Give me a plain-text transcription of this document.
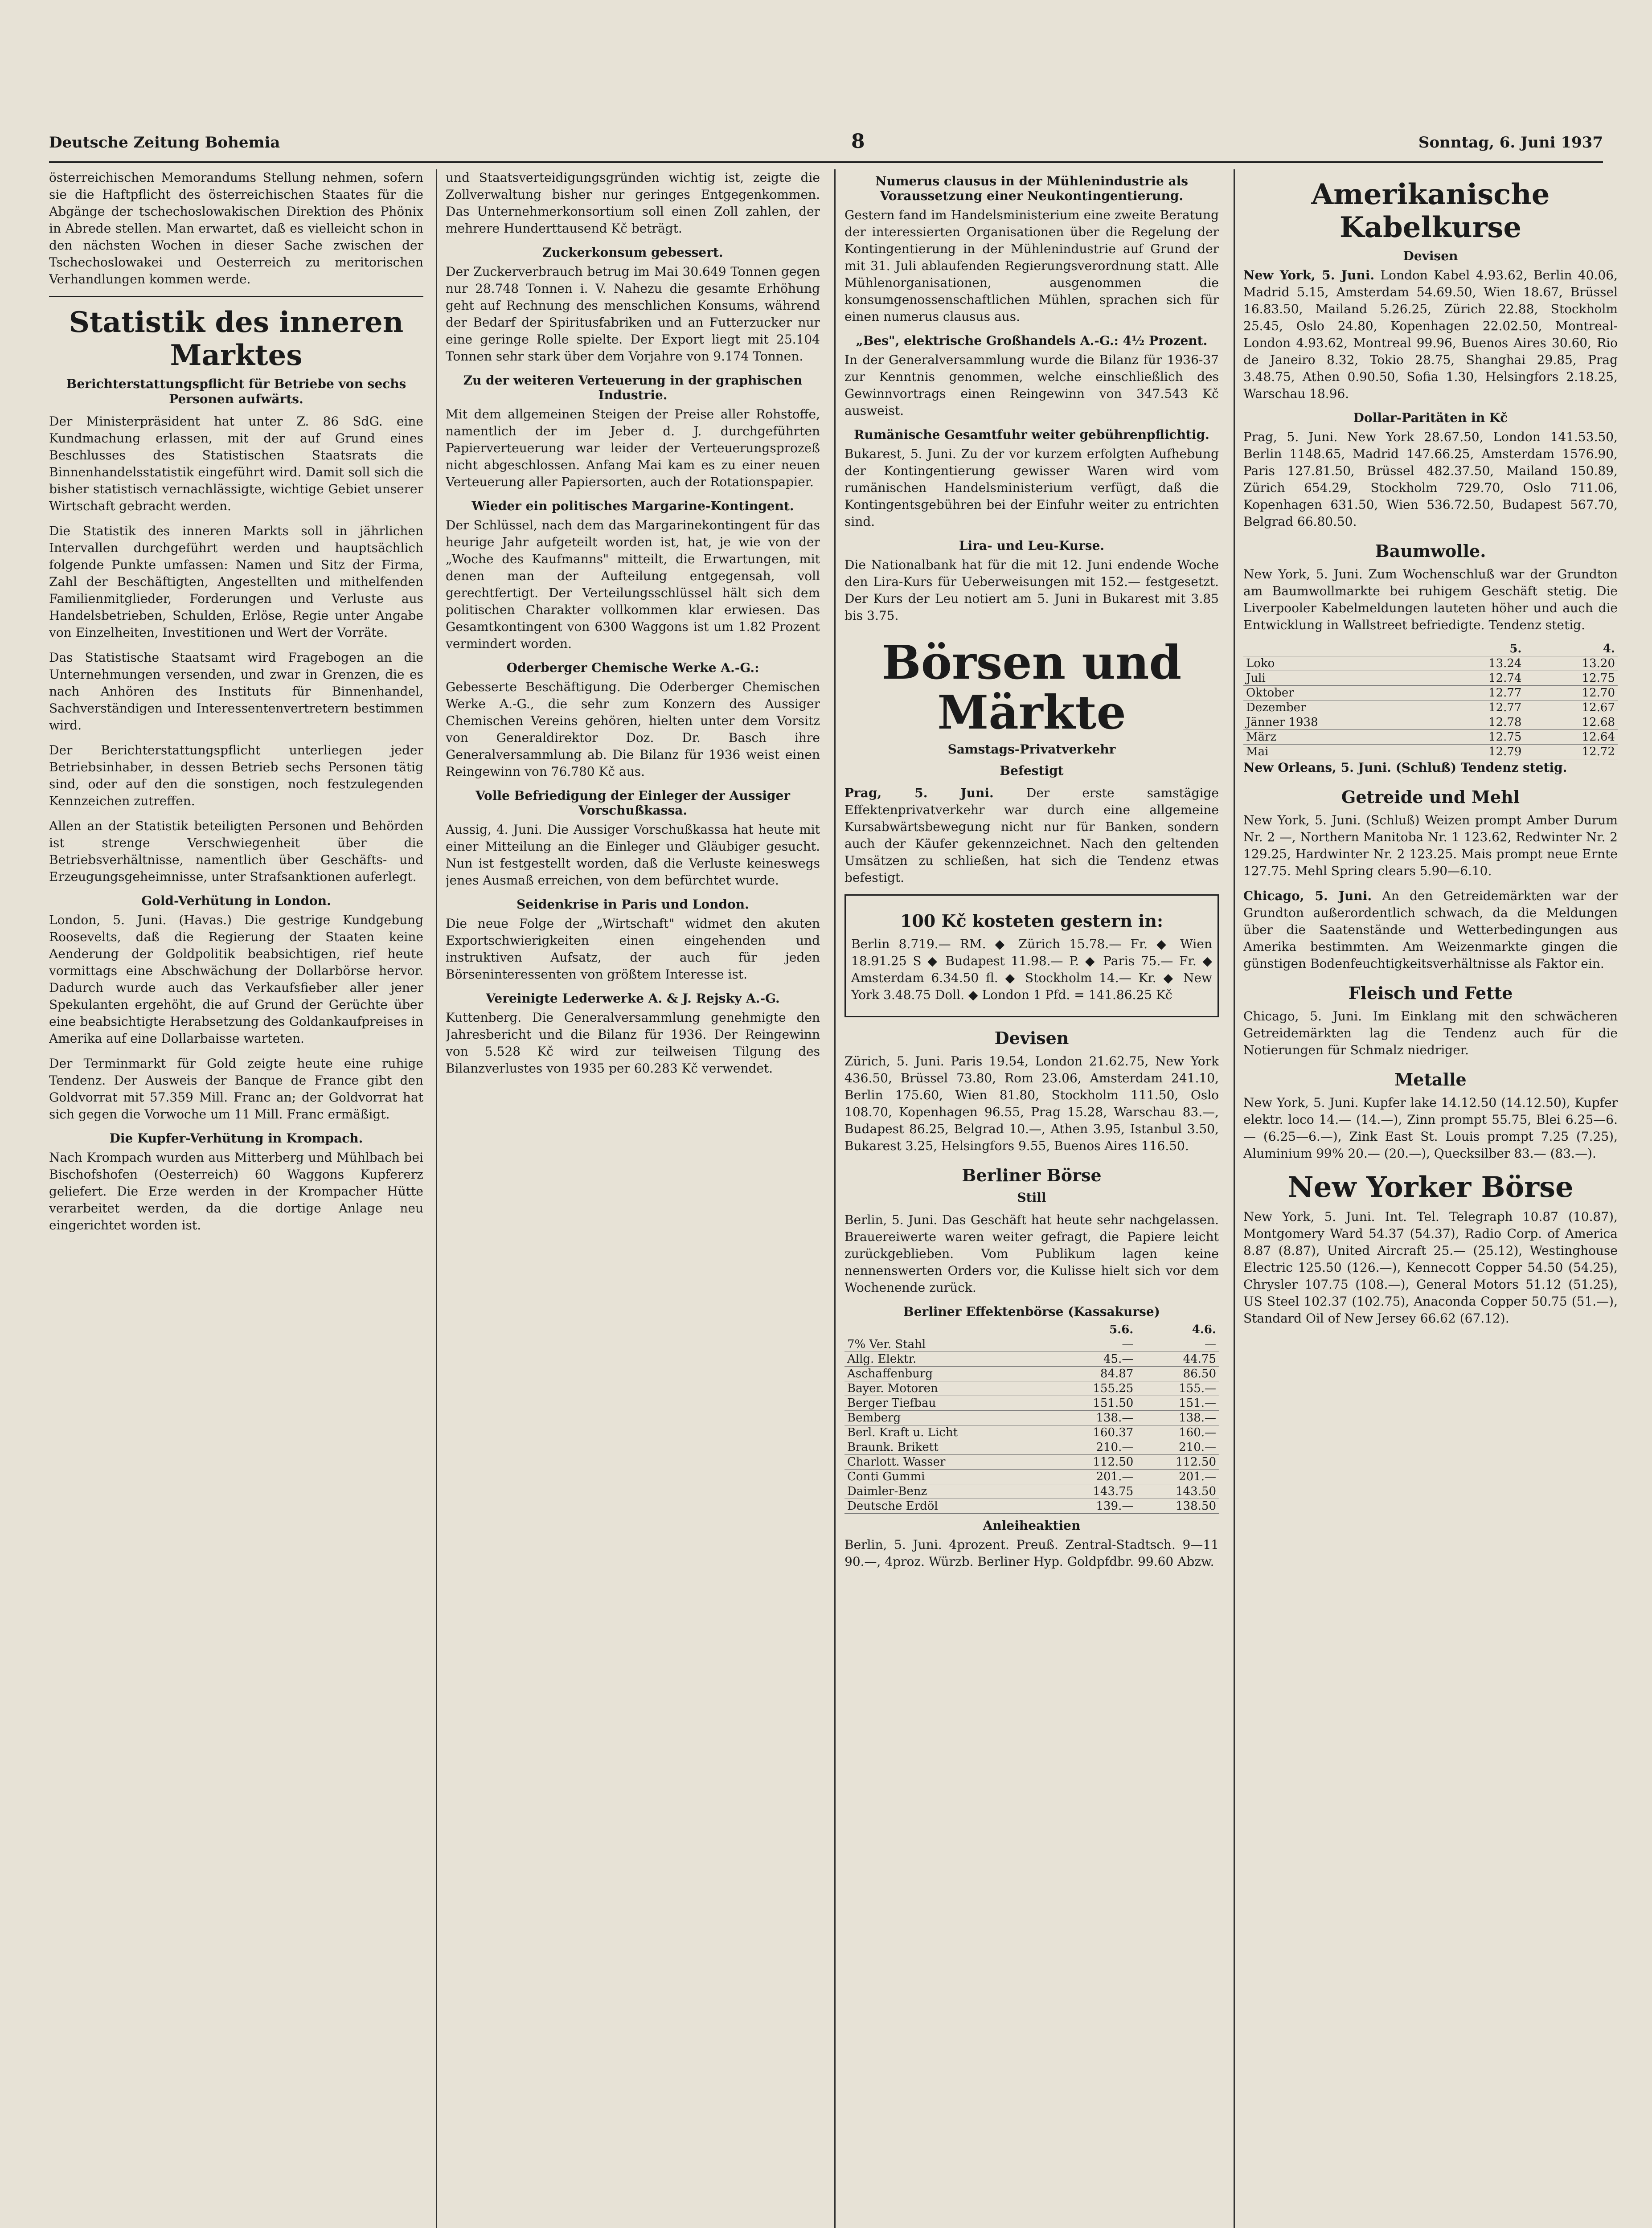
Deutsche Zeitung Bohemia	8	Sonntag, 6. Juni 1937

österreichischen Memorandums Stellung nehmen, sofern sie die Haftpflicht des österreichischen Staates für die Abgänge der tschechoslowakischen Direktion des Phönix in Abrede stellen. Man erwartet, daß es vielleicht schon in den nächsten Wochen in dieser Sache zwischen der Tschechoslowakei und Oesterreich zu meritorischen Verhandlungen kommen werde.

Statistik des inneren Marktes
Berichterstattungspflicht für Betriebe von sechs Personen aufwärts.

Der Ministerpräsident hat unter Z. 86 SdG. eine Kundmachung erlassen, mit der auf Grund eines Beschlusses des Statistischen Staatsrats die Binnenhandelsstatistik eingeführt wird. Damit soll sich die bisher statistisch vernachlässigte, wichtige Gebiet unserer Wirtschaft gebracht werden.

Die Statistik des inneren Markts soll in jährlichen Intervallen durchgeführt werden und hauptsächlich folgende Punkte umfassen: Namen und Sitz der Firma, Zahl der Beschäftigten, Angestellten und mithelfenden Familienmitglieder, Forderungen und Verluste aus Handelsbetrieben, Schulden, Erlöse, Regie unter Angabe von Einzelheiten, Investitionen und Wert der Vorräte.

Das Statistische Staatsamt wird Fragebogen an die Unternehmungen versenden, und zwar in Grenzen, die es nach Anhören des Instituts für Binnenhandel, Sachverständigen und Interessentenvertretern bestimmen wird.

Der Berichterstattungspflicht unterliegen jeder Betriebsinhaber, in dessen Betrieb sechs Personen tätig sind, oder auf den die sonstigen, noch festzulegenden Kennzeichen zutreffen.

Allen an der Statistik beteiligten Personen und Behörden ist strenge Verschwiegenheit über die Betriebsverhältnisse, namentlich über Geschäfts- und Erzeugungsgeheimnisse, unter Strafsanktionen auferlegt.

Gold-Verhütung in London.

London, 5. Juni. (Havas.) Die gestrige Kundgebung Roosevelts, daß die Regierung der Staaten keine Aenderung der Goldpolitik beabsichtigen, rief heute vormittags eine Abschwächung der Dollarbörse hervor. Dadurch wurde auch das Verkaufsfieber aller jener Spekulanten ergehöht, die auf Grund der Gerüchte über eine beabsichtigte Herabsetzung des Goldankaufpreises in Amerika auf eine Dollarbaisse warteten.

Der Terminmarkt für Gold zeigte heute eine ruhige Tendenz. Der Ausweis der Banque de France gibt den Goldvorrat mit 57.359 Mill. Franc an; der Goldvorrat hat sich gegen die Vorwoche um 11 Mill. Franc ermäßigt.

Die Kupfer-Verhütung in Krompach.

Nach Krompach wurden aus Mitterberg und Mühlbach bei Bischofshofen (Oesterreich) 60 Waggons Kupfererz geliefert. Die Erze werden in der Krompacher Hütte verarbeitet werden, da die dortige Anlage neu eingerichtet worden ist.

und Staatsverteidigungsgründen wichtig ist, zeigte die Zollverwaltung bisher nur geringes Entgegenkommen. Das Unternehmerkonsortium soll einen Zoll zahlen, der mehrere Hunderttausend Kč beträgt.

Zuckerkonsum gebessert.

Der Zuckerverbrauch betrug im Mai 30.649 Tonnen gegen nur 28.748 Tonnen i. V. Nahezu die gesamte Erhöhung geht auf Rechnung des menschlichen Konsums, während der Bedarf der Spiritusfabriken und an Futterzucker nur eine geringe Rolle spielte. Der Export liegt mit 25.104 Tonnen sehr stark über dem Vorjahre von 9.174 Tonnen.

Zu der weiteren Verteuerung in der graphischen Industrie.

Mit dem allgemeinen Steigen der Preise aller Rohstoffe, namentlich der im Jeber d. J. durchgeführten Papierverteuerung war leider der Verteuerungsprozeß nicht abgeschlossen. Anfang Mai kam es zu einer neuen Verteuerung aller Papiersorten, auch der Rotationspapier.

Wieder ein politisches Margarine-Kontingent.

Der Schlüssel, nach dem das Margarinekontingent für das heurige Jahr aufgeteilt worden ist, hat, je wie von der „Woche des Kaufmanns" mitteilt, die Erwartungen, mit denen man der Aufteilung entgegensah, voll gerechtfertigt. Der Verteilungsschlüssel hält sich dem politischen Charakter vollkommen klar erwiesen. Das Gesamtkontingent von 6300 Waggons ist um 1.82 Prozent vermindert worden.

Oderberger Chemische Werke A.-G.:

Gebesserte Beschäftigung. Die Oderberger Chemischen Werke A.-G., die sehr zum Konzern des Aussiger Chemischen Vereins gehören, hielten unter dem Vorsitz von Generaldirektor Doz. Dr. Basch ihre Generalversammlung ab. Die Bilanz für 1936 weist einen Reingewinn von 76.780 Kč aus.

Volle Befriedigung der Einleger der Aussiger Vorschußkassa.

Aussig, 4. Juni. Die Aussiger Vorschußkassa hat heute mit einer Mitteilung an die Einleger und Gläubiger gesucht. Nun ist festgestellt worden, daß die Verluste keineswegs jenes Ausmaß erreichen, von dem befürchtet wurde.

Seidenkrise in Paris und London.

Die neue Folge der „Wirtschaft" widmet den akuten Exportschwierigkeiten einen eingehenden und instruktiven Aufsatz, der auch für jeden Börseninteressenten von größtem Interesse ist.

Vereinigte Lederwerke A. & J. Rejsky A.-G.

Kuttenberg. Die Generalversammlung genehmigte den Jahresbericht und die Bilanz für 1936. Der Reingewinn von 5.528 Kč wird zur teilweisen Tilgung des Bilanzverlustes von 1935 per 60.283 Kč verwendet.

Numerus clausus in der Mühlenindustrie als Voraussetzung einer Neukontingentierung.

Gestern fand im Handelsministerium eine zweite Beratung der interessierten Organisationen über die Regelung der Kontingentierung in der Mühlenindustrie auf Grund der mit 31. Juli ablaufenden Regierungsverordnung statt. Alle Mühlenorganisationen, ausgenommen die konsumgenossenschaftlichen Mühlen, sprachen sich für einen numerus clausus aus.

„Bes", elektrische Großhandels A.-G.: 4½ Prozent.

In der Generalversammlung wurde die Bilanz für 1936-37 zur Kenntnis genommen, welche einschließlich des Gewinnvortrags einen Reingewinn von 347.543 Kč ausweist.

Rumänische Gesamtfuhr weiter gebührenpflichtig.

Bukarest, 5. Juni. Zu der vor kurzem erfolgten Aufhebung der Kontingentierung gewisser Waren wird vom rumänischen Handelsministerium verfügt, daß die Kontingentsgebühren bei der Einfuhr weiter zu entrichten sind.

Lira- und Leu-Kurse.

Die Nationalbank hat für die mit 12. Juni endende Woche den Lira-Kurs für Ueberweisungen mit 152.— festgesetzt. Der Kurs der Leu notiert am 5. Juni in Bukarest mit 3.85 bis 3.75.

Börsen und Märkte
Samstags-Privatverkehr
Befestigt

Prag, 5. Juni.	Der erste samstägige Effektenprivatverkehr war durch eine allgemeine Kursabwärtsbewegung nicht nur für Banken, sondern auch der Käufer gekennzeichnet. Nach den geltenden Umsätzen zu schließen, hat sich die Tendenz etwas befestigt.

100 Kč kosteten gestern in:

Berlin 8.719.— RM. ◆ Zürich 15.78.— Fr. ◆ Wien 18.91.25 S ◆ Budapest 11.98.— P. ◆ Paris 75.— Fr. ◆ Amsterdam 6.34.50 fl. ◆ Stockholm 14.— Kr. ◆ New York 3.48.75 Doll. ◆ London 1 Pfd. = 141.86.25 Kč

Devisen

Zürich, 5. Juni. Paris 19.54, London 21.62.75, New York 436.50, Brüssel 73.80, Rom 23.06, Amsterdam 241.10, Berlin 175.60, Wien 81.80, Stockholm 111.50, Oslo 108.70, Kopenhagen 96.55, Prag 15.28, Warschau 83.—, Budapest 86.25, Belgrad 10.—, Athen 3.95, Istanbul 3.50, Bukarest 3.25, Helsingfors 9.55, Buenos Aires 116.50.

Berliner Börse
Still

Berlin, 5. Juni. Das Geschäft hat heute sehr nachgelassen. Brauereiwerte waren weiter gefragt, die Papiere leicht zurückgeblieben. Vom Publikum lagen keine nennenswerten Orders vor, die Kulisse hielt sich vor dem Wochenende zurück.

Berliner Effektenbörse (Kassakurse)
	5.6.	4.6.
7% Ver. Stahl	—	—
Allg. Elektr.	45.—	44.75
Aschaffenburg	84.87	86.50
Bayer. Motoren	155.25	155.—
Berger Tiefbau	151.50	151.—
Bemberg	138.—	138.—
Berl. Kraft u. Licht	160.37	160.—
Braunk. Brikett	210.—	210.—
Charlott. Wasser	112.50	112.50
Conti Gummi	201.—	201.—
Daimler-Benz	143.75	143.50
Deutsche Erdöl	139.—	138.50
Anleiheaktien

Berlin, 5. Juni. 4prozent. Preuß. Zentral-Stadtsch. 9—11 90.—, 4proz. Würzb. Berliner Hyp. Goldpfdbr. 99.60 Abzw.

Amerikanische Kabelkurse
Devisen

New York, 5. Juni. London Kabel 4.93.62, Berlin 40.06, Madrid 5.15, Amsterdam 54.69.50, Wien 18.67, Brüssel 16.83.50, Mailand 5.26.25, Zürich 22.88, Stockholm 25.45, Oslo 24.80, Kopenhagen 22.02.50, Montreal-London 4.93.62, Montreal 99.96, Buenos Aires 30.60, Rio de Janeiro 8.32, Tokio 28.75, Shanghai 29.85, Prag 3.48.75, Athen 0.90.50, Sofia 1.30, Helsingfors 2.18.25, Warschau 18.96.

Dollar-Paritäten in Kč

Prag, 5. Juni. New York 28.67.50, London 141.53.50, Berlin 1148.65, Madrid 147.66.25, Amsterdam 1576.90, Paris 127.81.50, Brüssel 482.37.50, Mailand 150.89, Zürich 654.29, Stockholm 729.70, Oslo 711.06, Kopenhagen 631.50, Wien 536.72.50, Budapest 567.70, Belgrad 66.80.50.

Baumwolle.

New York, 5. Juni. Zum Wochenschluß war der Grundton am Baumwollmarkte bei ruhigem Geschäft stetig. Die Liverpooler Kabelmeldungen lauteten höher und auch die Entwicklung in Wallstreet befriedigte. Tendenz stetig.

	5.	4.
Loko	13.24	13.20
Juli	12.74	12.75
Oktober	12.77	12.70
Dezember	12.77	12.67
Jänner 1938	12.78	12.68
März	12.75	12.64
Mai	12.79	12.72

New Orleans, 5. Juni. (Schluß) Tendenz stetig.

Getreide und Mehl

New York, 5. Juni. (Schluß) Weizen prompt Amber Durum Nr. 2 —, Northern Manitoba Nr. 1 123.62, Redwinter Nr. 2 129.25, Hardwinter Nr. 2 123.25. Mais prompt neue Ernte 127.75. Mehl Spring clears 5.90—6.10.

Chicago, 5. Juni. An den Getreidemärkten war der Grundton außerordentlich schwach, da die Meldungen über die Saatenstände und Wetterbedingungen aus Amerika bestimmten. Am Weizenmarkte gingen die günstigen Bodenfeuchtigkeitsverhältnisse als Faktor ein.

Fleisch und Fette

Chicago, 5. Juni. Im Einklang mit den schwächeren Getreidemärkten lag die Tendenz auch für die Notierungen für Schmalz niedriger.

Metalle

New York, 5. Juni. Kupfer lake 14.12.50 (14.12.50), Kupfer elektr. loco 14.— (14.—), Zinn prompt 55.75, Blei 6.25—6.— (6.25—6.—), Zink East St. Louis prompt 7.25 (7.25), Aluminium 99% 20.— (20.—), Quecksilber 83.— (83.—).

New Yorker Börse

New York, 5. Juni. Int. Tel. Telegraph 10.87 (10.87), Montgomery Ward 54.37 (54.37), Radio Corp. of America 8.87 (8.87), United Aircraft 25.— (25.12), Westinghouse Electric 125.50 (126.—), Kennecott Copper 54.50 (54.25), Chrysler 107.75 (108.—), General Motors 51.12 (51.25), US Steel 102.37 (102.75), Anaconda Copper 50.75 (51.—), Standard Oil of New Jersey 66.62 (67.12).
